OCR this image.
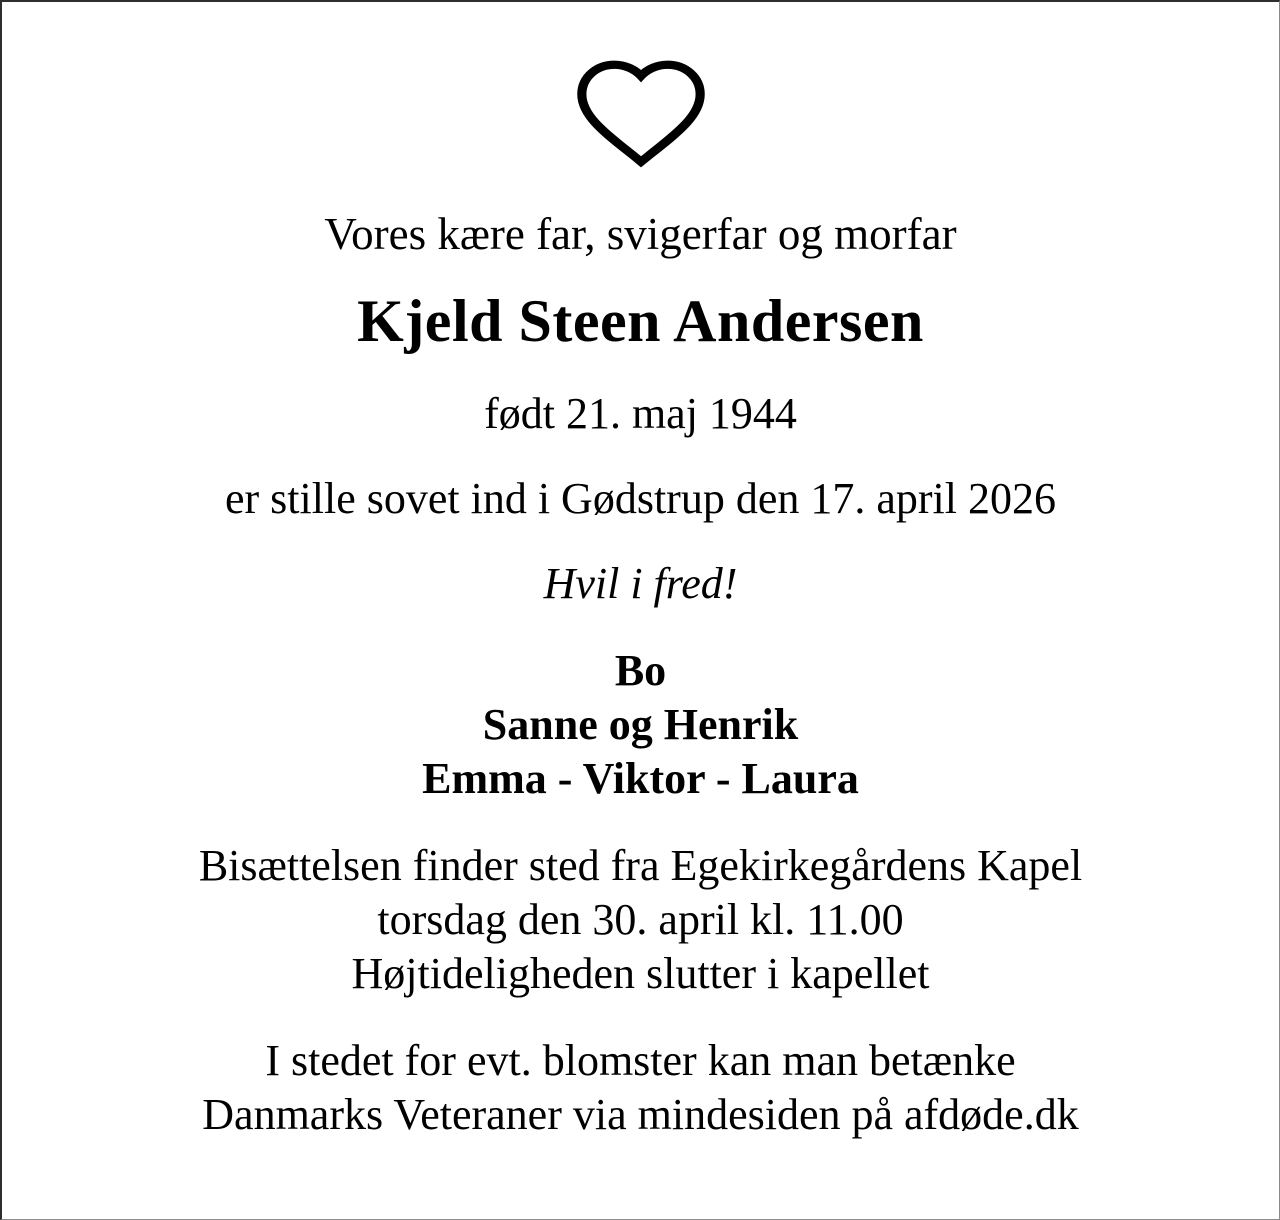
Vores kære far, svigerfar og morfar
Kjeld Steen Andersen
født 21. maj 1944
er stille sovet ind i Gødstrup den 17. april 2026
Hvil i fred!
Bo
Sanne og Henrik
Emma - Viktor - Laura
Bisættelsen finder sted fra Egekirkegårdens Kapel
torsdag den 30. april kl. 11.00
Højtideligheden slutter i kapellet
I stedet for evt. blomster kan man betænke
Danmarks Veteraner via mindesiden på afdøde.dk
